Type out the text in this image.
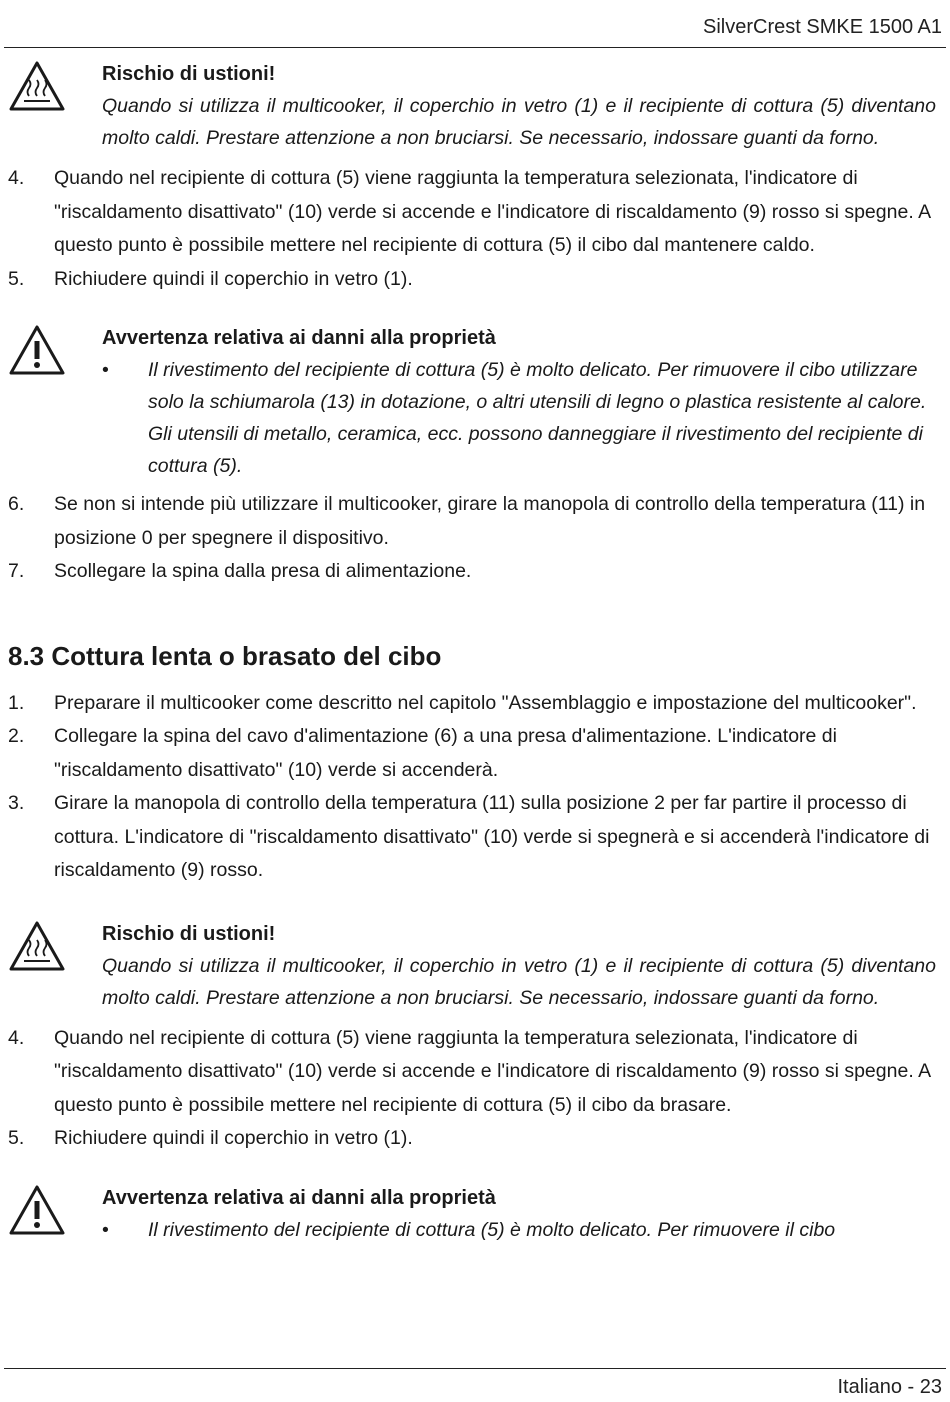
SilverCrest SMKE 1500 A1

Rischio di ustioni!

Quando si utilizza il multicooker, il coperchio in vetro (1) e il recipiente di cottura (5) diventano molto caldi. Prestare attenzione a non bruciarsi. Se necessario, indossare guanti da forno.

4. Quando nel recipiente di cottura (5) viene raggiunta la temperatura selezionata, l'indicatore di "riscaldamento disattivato" (10) verde si accende e l'indicatore di riscaldamento (9) rosso si spegne. A questo punto è possibile mettere nel recipiente di cottura (5) il cibo dal mantenere caldo.
5. Richiudere quindi il coperchio in vetro (1).

Avvertenza relativa ai danni alla proprietà

• Il rivestimento del recipiente di cottura (5) è molto delicato. Per rimuovere il cibo utilizzare solo la schiumarola (13) in dotazione, o altri utensili di legno o plastica resistente al calore. Gli utensili di metallo, ceramica, ecc. possono danneggiare il rivestimento del recipiente di cottura (5).
6. Se non si intende più utilizzare il multicooker, girare la manopola di controllo della temperatura (11) in posizione 0 per spegnere il dispositivo.
7. Scollegare la spina dalla presa di alimentazione.
8.3 Cottura lenta o brasato del cibo
1. Preparare il multicooker come descritto nel capitolo "Assemblaggio e impostazione del multicooker".
2. Collegare la spina del cavo d'alimentazione (6) a una presa d'alimentazione. L'indicatore di "riscaldamento disattivato" (10) verde si accenderà.
3. Girare la manopola di controllo della temperatura (11) sulla posizione 2 per far partire il processo di cottura. L'indicatore di "riscaldamento disattivato" (10) verde si spegnerà e si accenderà l'indicatore di riscaldamento (9) rosso.

Rischio di ustioni!

Quando si utilizza il multicooker, il coperchio in vetro (1) e il recipiente di cottura (5) diventano molto caldi. Prestare attenzione a non bruciarsi. Se necessario, indossare guanti da forno.

4. Quando nel recipiente di cottura (5) viene raggiunta la temperatura selezionata, l'indicatore di "riscaldamento disattivato" (10) verde si accende e l'indicatore di riscaldamento (9) rosso si spegne. A questo punto è possibile mettere nel recipiente di cottura (5) il cibo da brasare.
5. Richiudere quindi il coperchio in vetro (1).

Avvertenza relativa ai danni alla proprietà

• Il rivestimento del recipiente di cottura (5) è molto delicato. Per rimuovere il cibo
Italiano - 23
